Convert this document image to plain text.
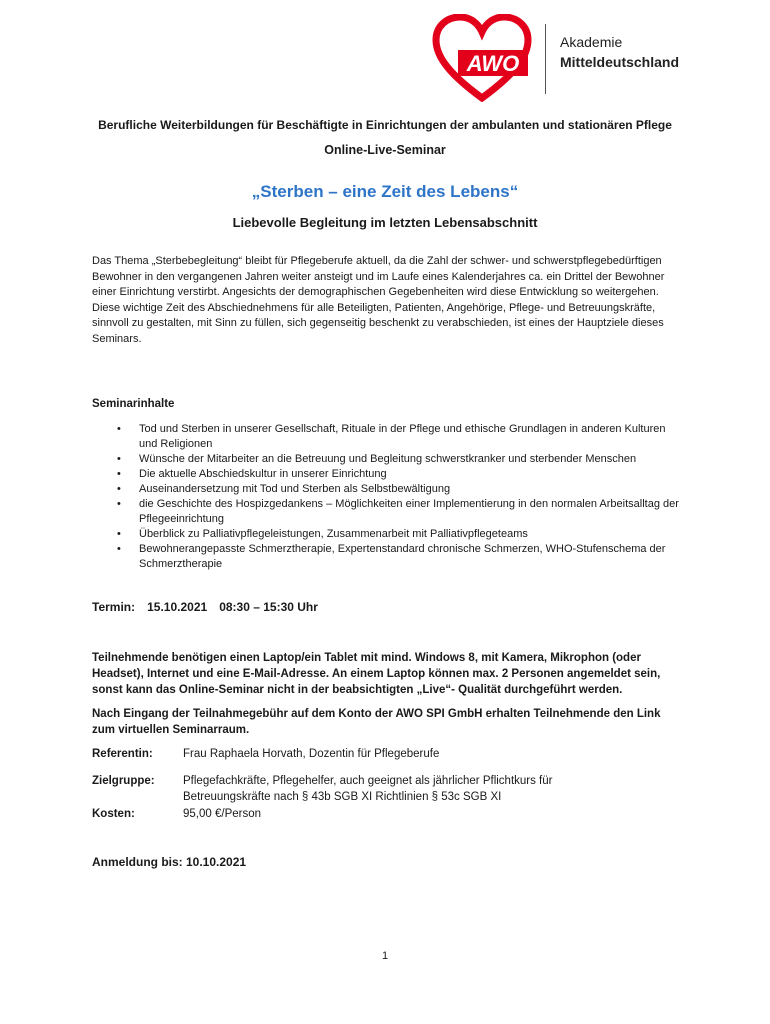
AWO
Akademie
Mitteldeutschland
Berufliche Weiterbildungen für Beschäftigte in Einrichtungen der ambulanten und stationären Pflege
Online-Live-Seminar
„Sterben – eine Zeit des Lebens“
Liebevolle Begleitung im letzten Lebensabschnitt

Das Thema „Sterbebegleitung“ bleibt für Pflegeberufe aktuell, da die Zahl der schwer- und schwerstpflegebedürftigen Bewohner in den vergangenen Jahren weiter ansteigt und im Laufe eines Kalenderjahres ca. ein Drittel der Bewohner einer Einrichtung verstirbt. Angesichts der demographischen Gegebenheiten wird diese Entwicklung so weitergehen.

Diese wichtige Zeit des Abschiednehmens für alle Beteiligten, Patienten, Angehörige, Pflege- und Betreuungskräfte, sinnvoll zu gestalten, mit Sinn zu füllen, sich gegenseitig beschenkt zu verabschieden, ist eines der Hauptziele dieses Seminars.

Seminarinhalte
• Tod und Sterben in unserer Gesellschaft, Rituale in der Pflege und ethische Grundlagen in anderen Kulturen und Religionen
• Wünsche der Mitarbeiter an die Betreuung und Begleitung schwerstkranker und sterbender Menschen
• Die aktuelle Abschiedskultur in unserer Einrichtung
• Auseinandersetzung mit Tod und Sterben als Selbstbewältigung
• die Geschichte des Hospizgedankens – Möglichkeiten einer Implementierung in den normalen Arbeitsalltag der Pflegeeinrichtung
• Überblick zu Palliativpflegeleistungen, Zusammenarbeit mit Palliativpflegeteams
• Bewohnerangepasste Schmerztherapie, Expertenstandard chronische Schmerzen, WHO-Stufenschema der Schmerztherapie
Termin: 15.10.2021 08:30 – 15:30 Uhr

Teilnehmende benötigen einen Laptop/ein Tablet mit mind. Windows 8, mit Kamera, Mikrophon (oder Headset), Internet und eine E-Mail-Adresse. An einem Laptop können max. 2 Personen angemeldet sein, sonst kann das Online-Seminar nicht in der beabsichtigten „Live“- Qualität durchgeführt werden.

Nach Eingang der Teilnahmegebühr auf dem Konto der AWO SPI GmbH erhalten Teilnehmende den Link zum virtuellen Seminarraum.

Referentin:	Frau Raphaela Horvath, Dozentin für Pflegeberufe
Zielgruppe: Pflegefachkräfte, Pflegehelfer, auch geeignet als jährlicher Pflichtkurs für Betreuungskräfte nach § 43b SGB XI Richtlinien § 53c SGB XI
Kosten:	95,00 €/Person
Anmeldung bis: 10.10.2021
1
